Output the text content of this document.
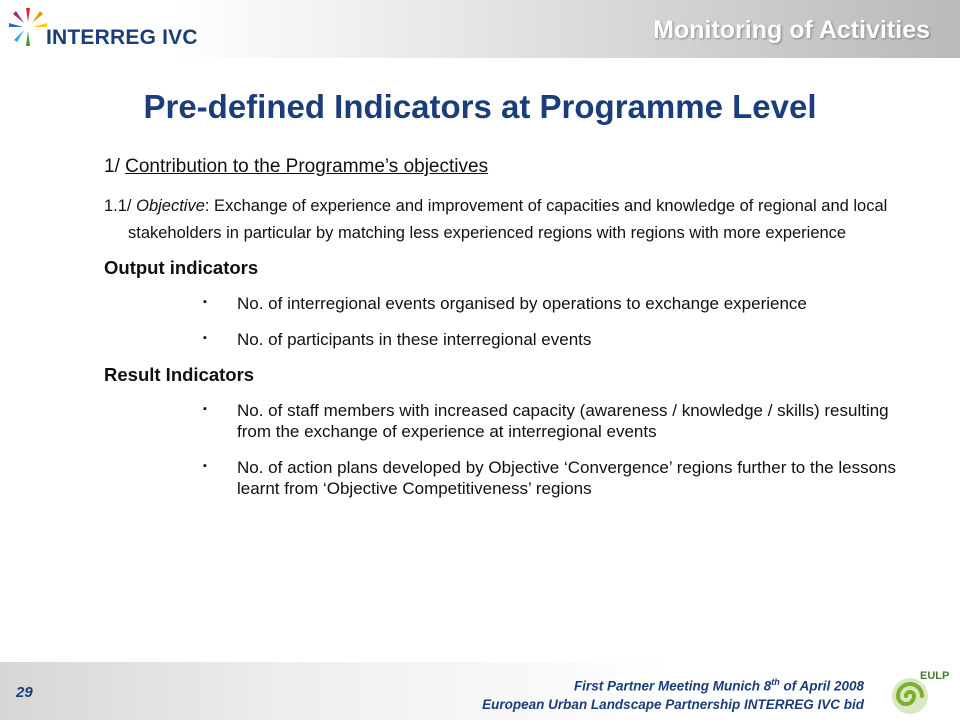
INTERREG IVC	Monitoring of Activities
Pre-defined Indicators at Programme Level

1/ Contribution to the Programme’s objectives

1.1/ Objective: Exchange of experience and improvement of capacities and knowledge of regional and local stakeholders in particular by matching less experienced regions with regions with more experience

Output indicators

▪ No. of interregional events organised by operations to exchange experience
▪ No. of participants in these interregional events

Result Indicators

▪ No. of staff members with increased capacity (awareness / knowledge / skills) resulting from the exchange of experience at interregional events
▪ No. of action plans developed by Objective ‘Convergence’ regions further to the lessons learnt from ‘Objective Competitiveness’ regions
29	First Partner Meeting Munich 8th of April 2008
European Urban Landscape Partnership INTERREG IVC bid
EULP
